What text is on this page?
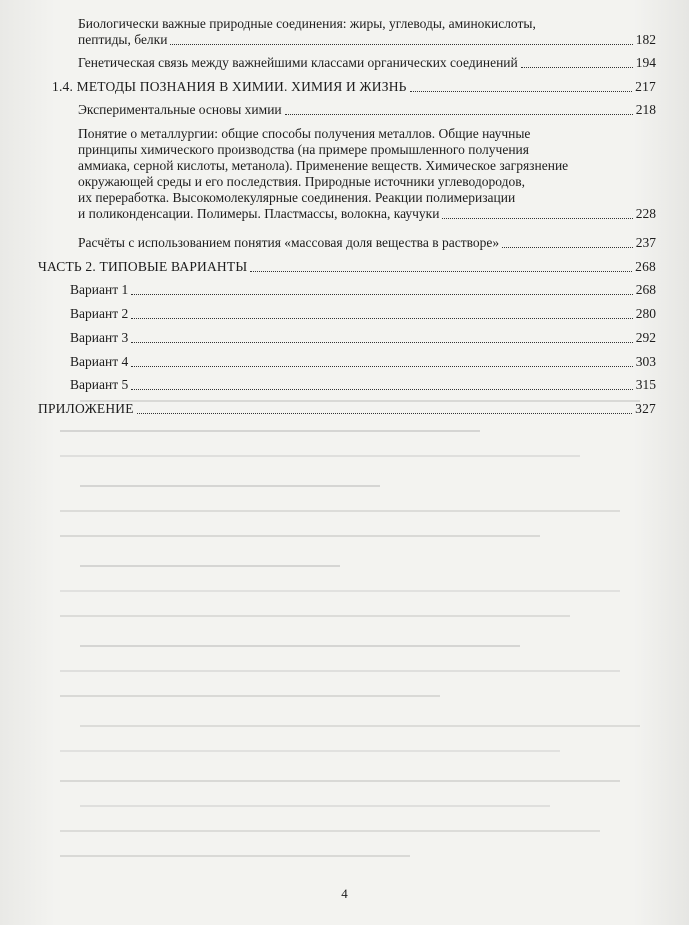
Биологически важные природные соединения: жиры, углеводы, аминокислоты,
пептиды, белки	182
Генетическая связь между важнейшими классами органических соединений	194
1.4. МЕТОДЫ ПОЗНАНИЯ В ХИМИИ. ХИМИЯ И ЖИЗНЬ	217
Экспериментальные основы химии	218
Понятие о металлургии: общие способы получения металлов. Общие научные
принципы химического производства (на примере промышленного получения
аммиака, серной кислоты, метанола). Применение веществ. Химическое загрязнение
окружающей среды и его последствия. Природные источники углеводородов,
их переработка. Высокомолекулярные соединения. Реакции полимеризации
и поликонденсации. Полимеры. Пластмассы, волокна, каучуки	228
Расчёты с использованием понятия «массовая доля вещества в растворе»	237
ЧАСТЬ 2. ТИПОВЫЕ ВАРИАНТЫ	268
Вариант 1	268
Вариант 2	280
Вариант 3	292
Вариант 4	303
Вариант 5	315
ПРИЛОЖЕНИЕ	327
4
